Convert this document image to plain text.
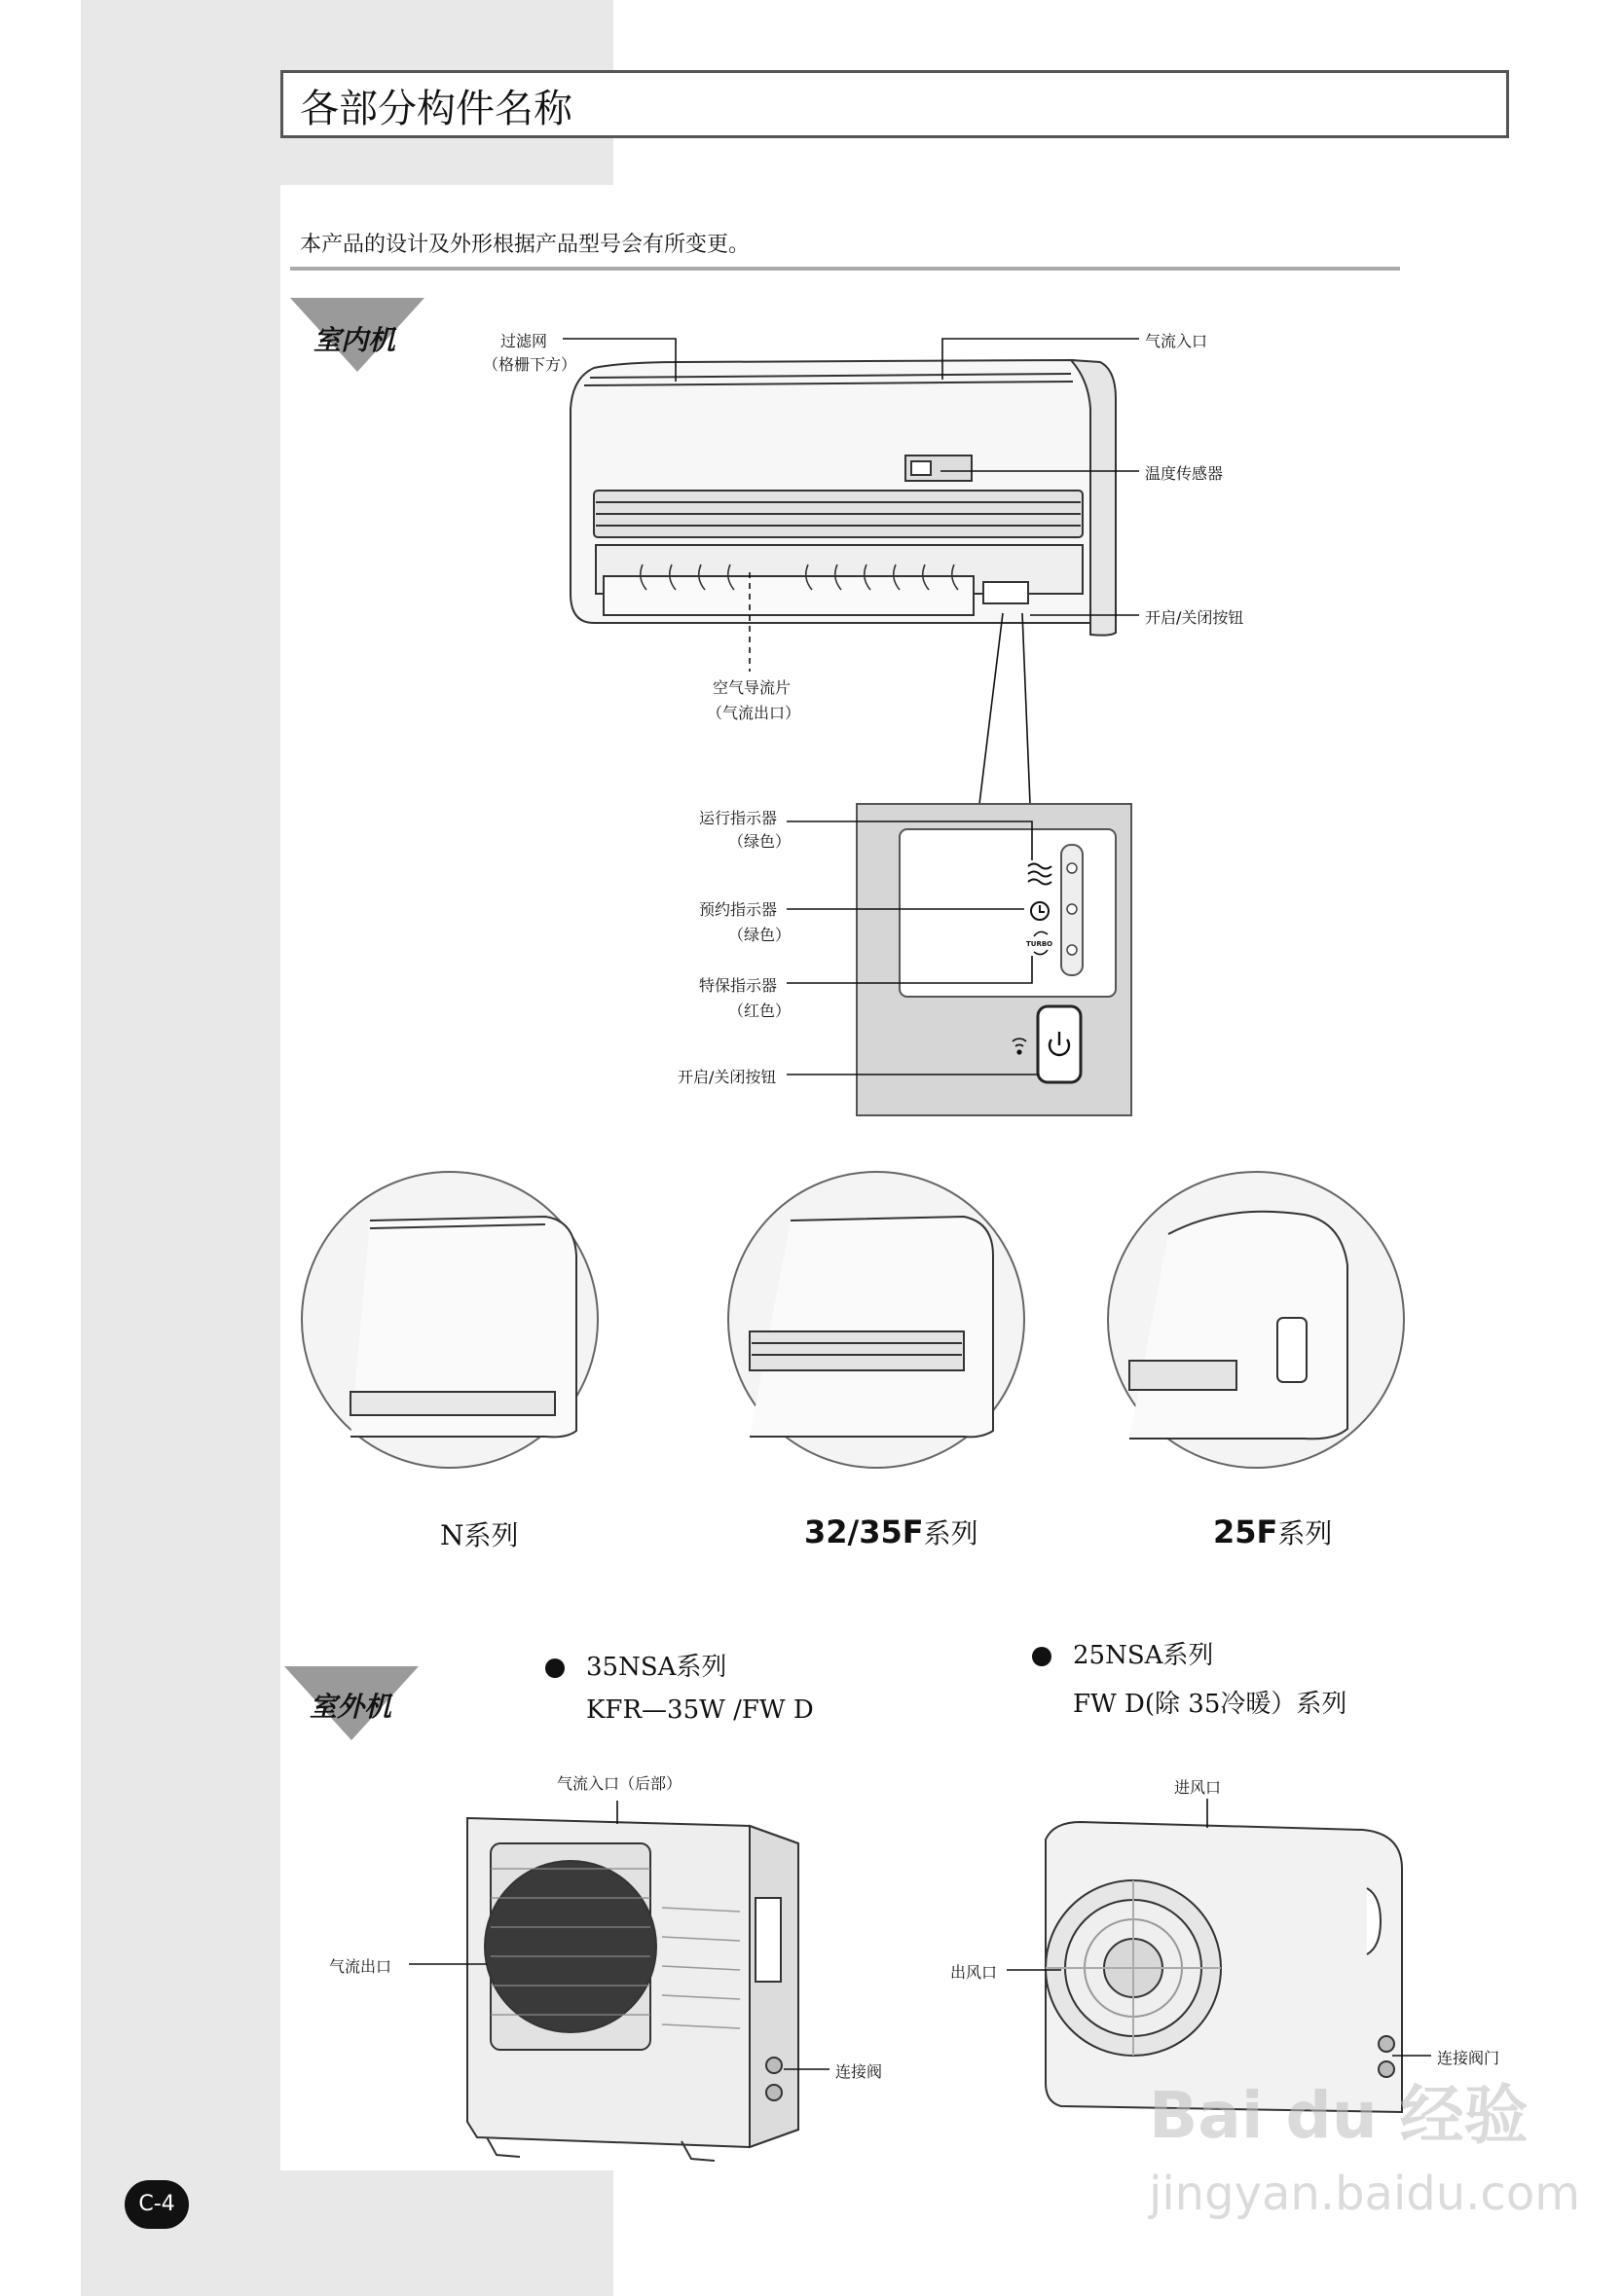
各部分构件名称
本产品的设计及外形根据产品型号会有所变更。
室内机	过滤网
（格栅下方）
气流入口
温度传感器
开启/关闭按钮
空气导流片
（气流出口）
运行指示器
（绿色）
预约指示器
（绿色）
特保指示器
（红色）
开启/关闭按钮
TURBO
N系列	32/35F系列	25F系列
室外机
35NSA系列
KFR—35W /FW D
气流入口（后部）
气流出口
连接阀
25NSA系列
FW D(除 35冷暖）系列
进风口
出风口
连接阀门
C-4
Bai du 经验
jingyan.baidu.com
